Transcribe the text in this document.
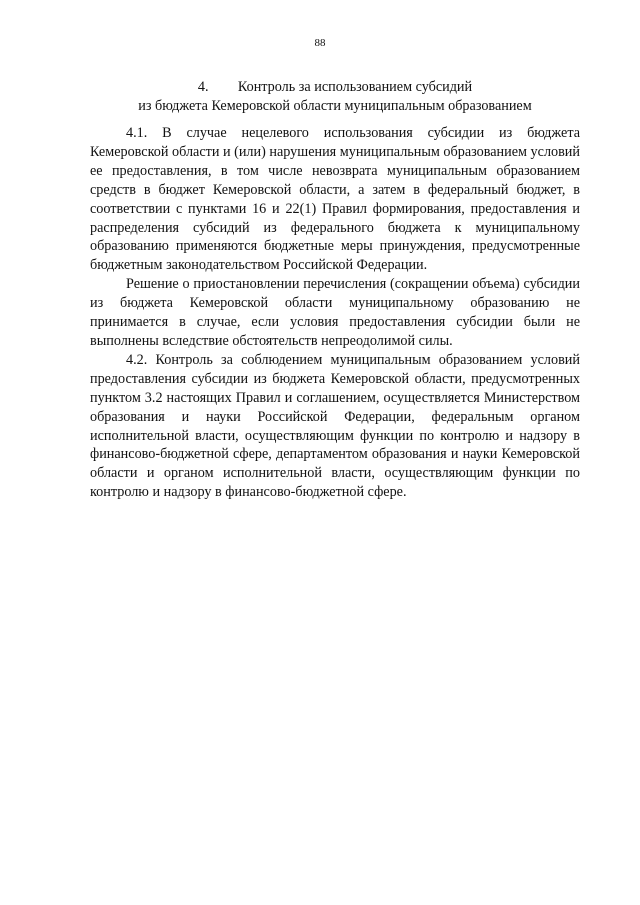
88
4. Контроль за использованием субсидий
из бюджета Кемеровской области муниципальным образованием

4.1. В случае нецелевого использования субсидии из бюджета Кемеровской области и (или) нарушения муниципальным образованием условий ее предоставления, в том числе невозврата муниципальным образованием средств в бюджет Кемеровской области, а затем в федеральный бюджет, в соответствии с пунктами 16 и 22(1) Правил формирования, предоставления и распределения субсидий из федерального бюджета к муниципальному образованию применяются бюджетные меры принуждения, предусмотренные бюджетным законодательством Российской Федерации.

Решение о приостановлении перечисления (сокращении объема) субсидии из бюджета Кемеровской области муниципальному образованию не принимается в случае, если условия предоставления субсидии были не выполнены вследствие обстоятельств непреодолимой силы.

4.2. Контроль за соблюдением муниципальным образованием условий предоставления субсидии из бюджета Кемеровской области, предусмотренных пунктом 3.2 настоящих Правил и соглашением, осуществляется Министерством образования и науки Российской Федерации, федеральным органом исполнительной власти, осуществляющим функции по контролю и надзору в финансово-бюджетной сфере, департаментом образования и науки Кемеровской области и органом исполнительной власти, осуществляющим функции по контролю и надзору в финансово-бюджетной сфере.
